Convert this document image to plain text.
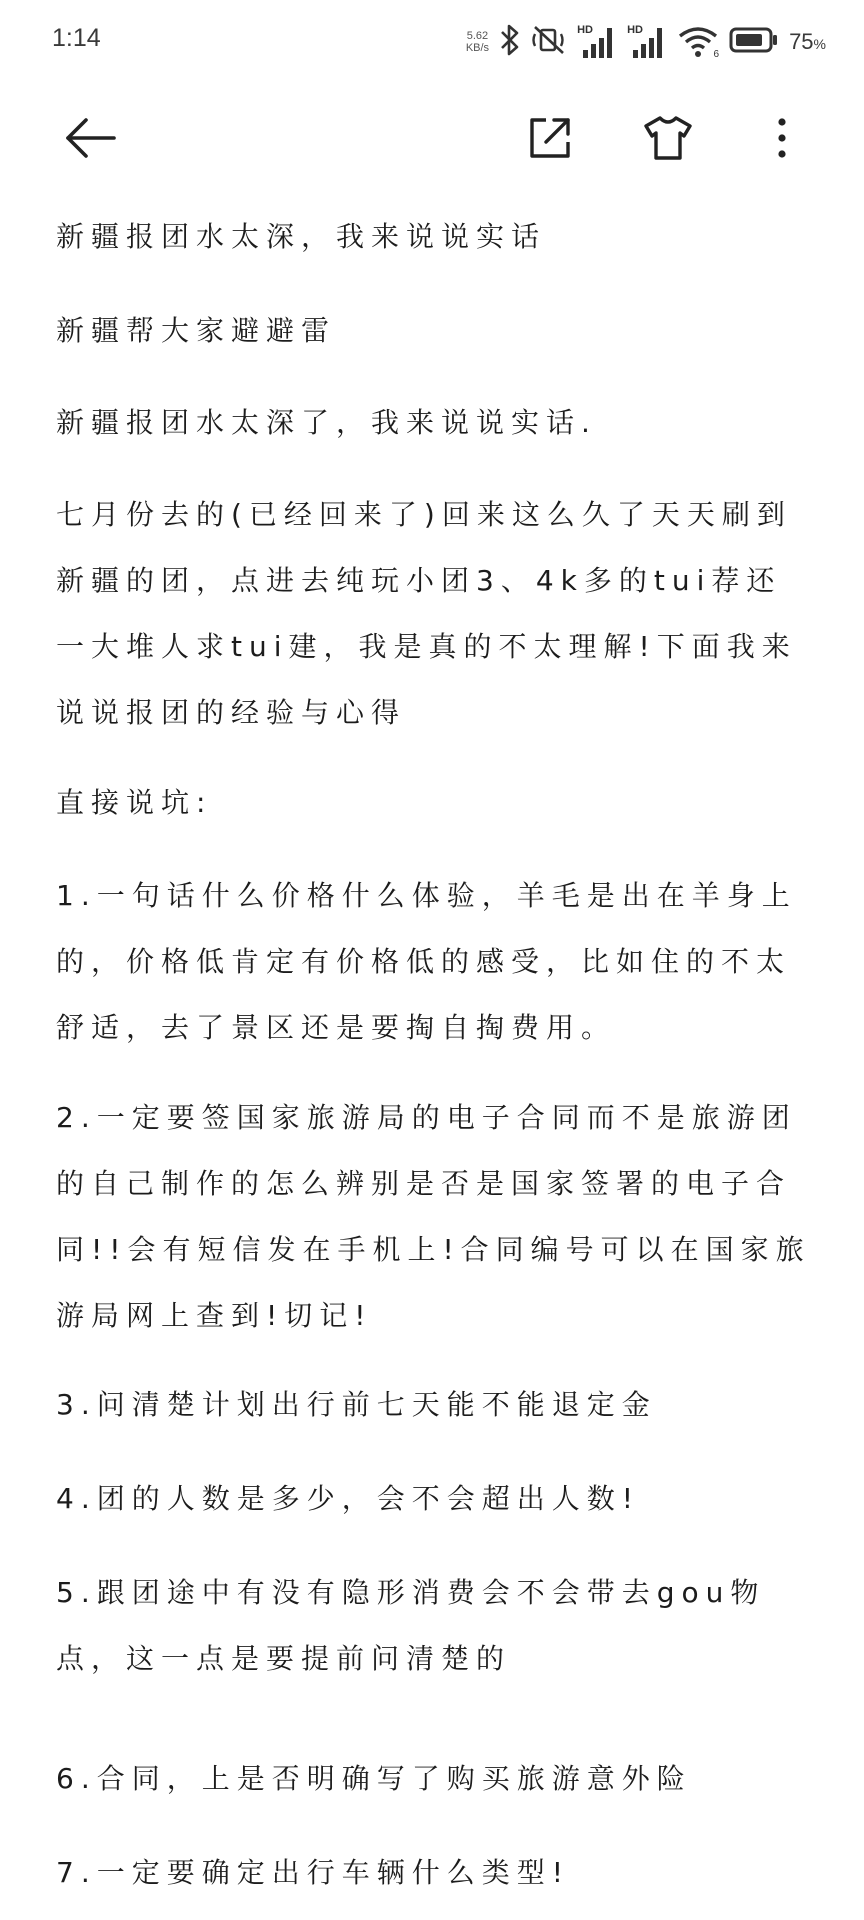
1:14	5.62
KB/s
HD	HD
6
75%

新疆报团水太深，我来说说实话

新疆帮大家避避雷

新疆报团水太深了，我来说说实话.

七月份去的(已经回来了)回来这么久了天天刷到新疆的团，点进去纯玩小团3、4k多的tui荐还一大堆人求tui建，我是真的不太理解!下面我来说说报团的经验与心得

直接说坑:

1.一句话什么价格什么体验，羊毛是出在羊身上的，价格低肯定有价格低的感受，比如住的不太舒适，去了景区还是要掏自掏费用。

2.一定要签国家旅游局的电子合同而不是旅游团的自己制作的怎么辨别是否是国家签署的电子合同!!会有短信发在手机上!合同编号可以在国家旅游局网上查到!切记!

3.问清楚计划出行前七天能不能退定金

4.团的人数是多少，会不会超出人数!

5.跟团途中有没有隐形消费会不会带去gou物点，这一点是要提前问清楚的

6.合同，上是否明确写了购买旅游意外险

7.一定要确定出行车辆什么类型!
